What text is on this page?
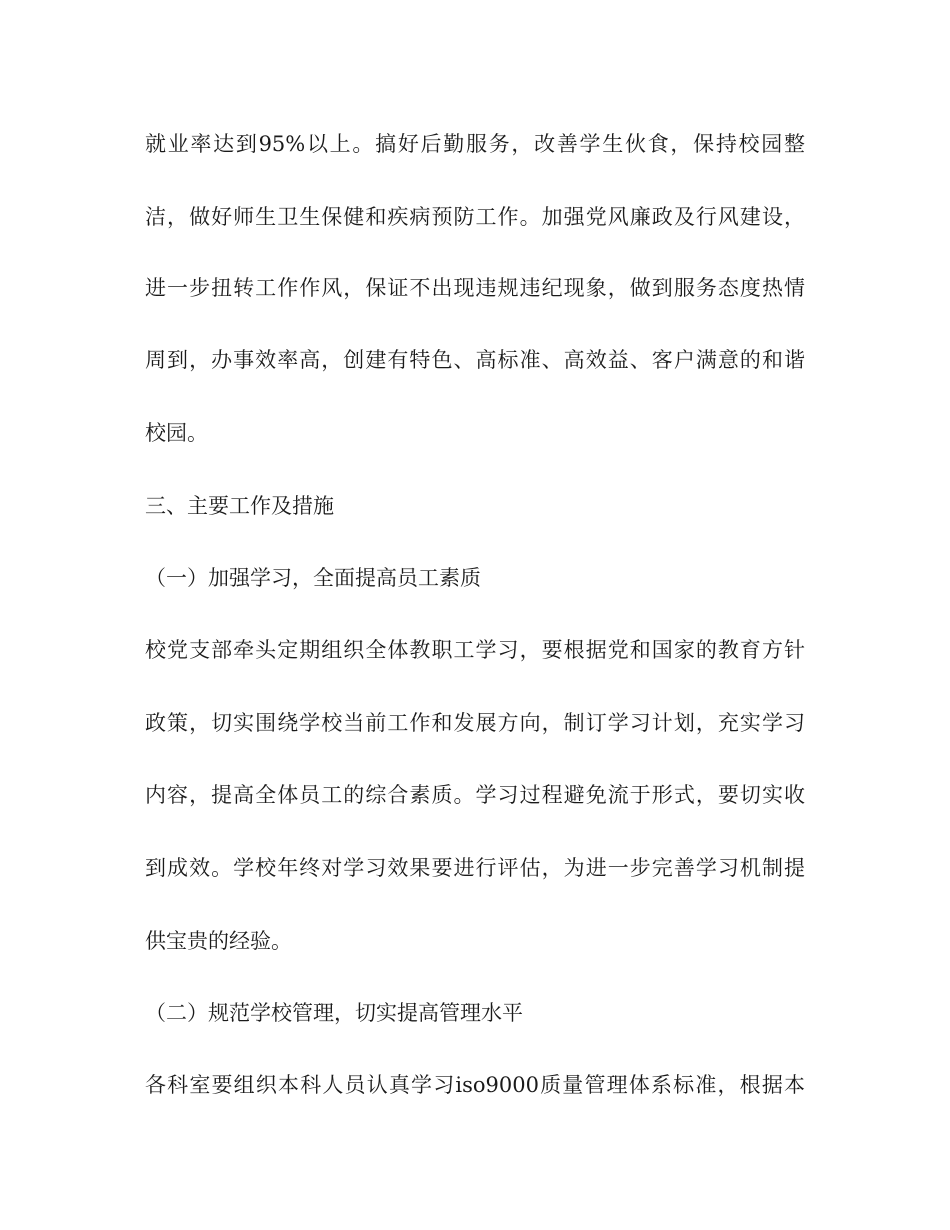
就业率达到95%以上。搞好后勤服务，改善学生伙食，保持校园整
洁，做好师生卫生保健和疾病预防工作。加强党风廉政及行风建设，
进一步扭转工作作风，保证不出现违规违纪现象，做到服务态度热情
周到，办事效率高，创建有特色、高标准、高效益、客户满意的和谐
校园。
三、主要工作及措施
（一）加强学习，全面提高员工素质
校党支部牵头定期组织全体教职工学习，要根据党和国家的教育方针
政策，切实围绕学校当前工作和发展方向，制订学习计划，充实学习
内容，提高全体员工的综合素质。学习过程避免流于形式，要切实收
到成效。学校年终对学习效果要进行评估，为进一步完善学习机制提
供宝贵的经验。
（二）规范学校管理，切实提高管理水平
各科室要组织本科人员认真学习iso9000质量管理体系标准，根据本
